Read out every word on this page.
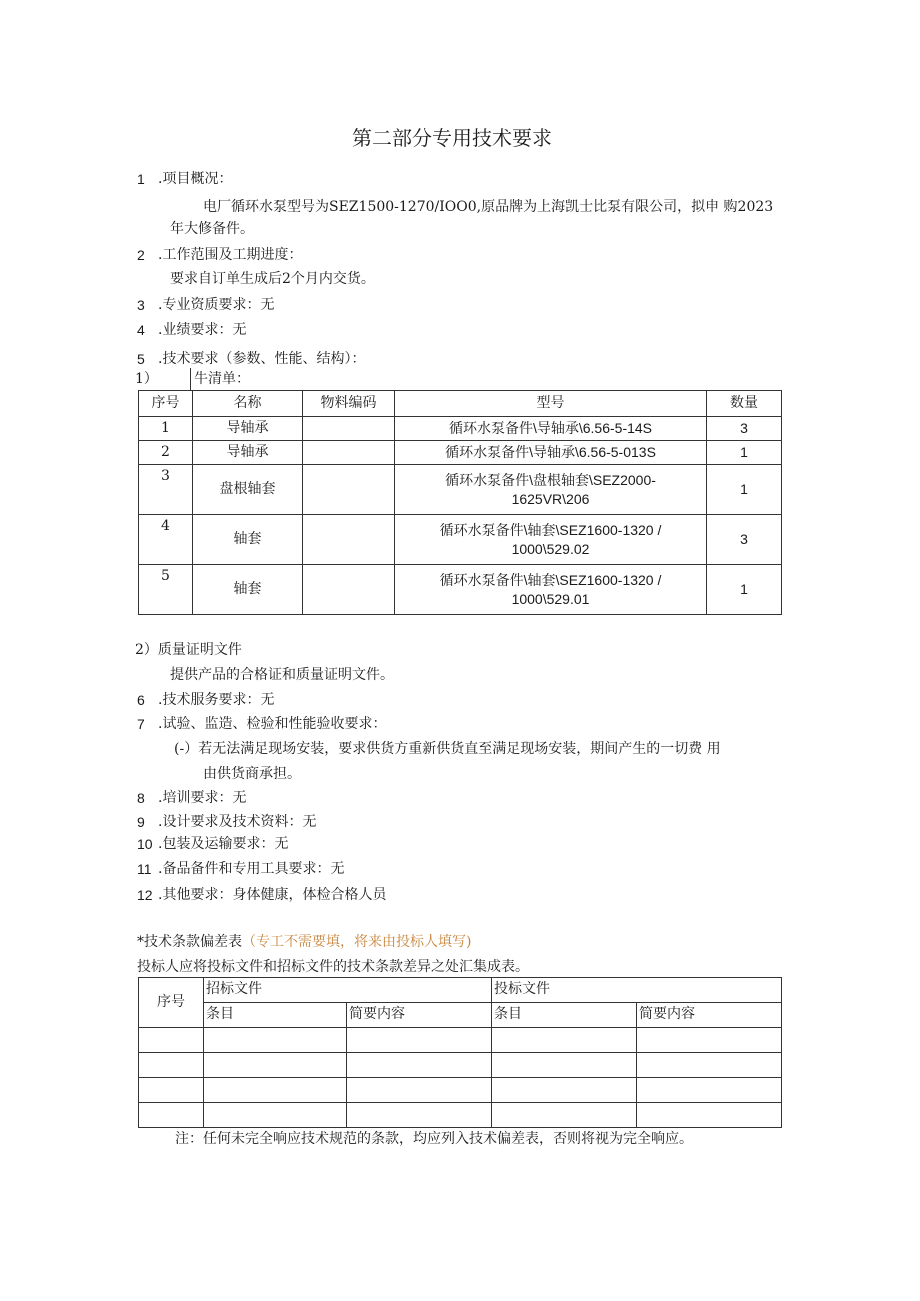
第二部分专用技术要求
1 .项目概况：
电厂循环水泵型号为SEZ1500-1270/IOO0,原品牌为上海凯士比泵有限公司，拟申 购2023
年大修备件。
2 .工作范围及工期进度：
要求自订单生成后2个月内交货。
3 .专业资质要求：无
4 .业绩要求：无
5 .技术要求（参数、性能、结构）：
1）	牛清单：
序号	名称	物料编码	型号	数量
1	导轴承		循环水泵备件\导轴承\6.56-5-14S	3
2	导轴承		循环水泵备件\导轴承\6.56-5-013S	1
3	盘根轴套		循环水泵备件\盘根轴套\SEZ2000-
1625VR\206	1
4	轴套		循环水泵备件\轴套\SEZ1600-1320 /
1000\529.02	3
5	轴套		循环水泵备件\轴套\SEZ1600-1320 /
1000\529.01	1
2）质量证明文件
提供产品的合格证和质量证明文件。
6 .技术服务要求：无
7 .试验、监造、检验和性能验收要求：
(-）若无法满足现场安装，要求供货方重新供货直至满足现场安装，期间产生的一切费 用
由供货商承担。
8 .培训要求：无
9 .设计要求及技术资料：无
10 .包装及运输要求：无
11 .备品备件和专用工具要求：无
12 .其他要求：身体健康，体检合格人员
*技术条款偏差表（专工不需要填，将来由投标人填写)
投标人应将投标文件和招标文件的技术条款差异之处汇集成表。
序号	招标文件		投标文件	
	条目	简要内容	条目	简要内容

注：任何未完全响应技术规范的条款，均应列入技术偏差表，否则将视为完全响应。
